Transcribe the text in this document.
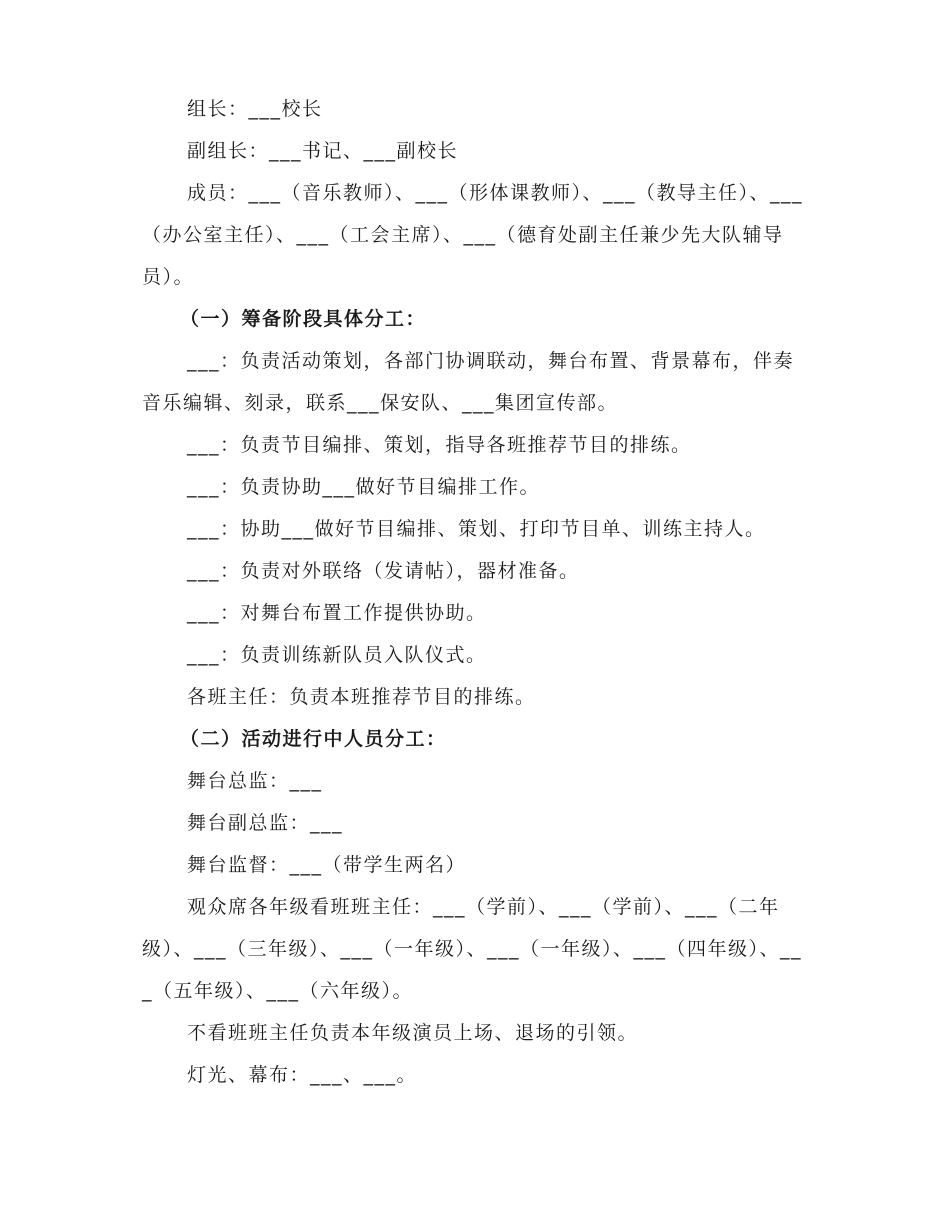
组长：___校长

副组长：___书记、___副校长

成员：___（音乐教师）、___（形体课教师）、___（教导主任）、___（办公室主任）、___（工会主席）、___（德育处副主任兼少先大队辅导员）。

（一）筹备阶段具体分工：

___：负责活动策划，各部门协调联动，舞台布置、背景幕布，伴奏音乐编辑、刻录，联系___保安队、___集团宣传部。

___：负责节目编排、策划，指导各班推荐节目的排练。

___：负责协助___做好节目编排工作。

___：协助___做好节目编排、策划、打印节目单、训练主持人。

___：负责对外联络（发请帖），器材准备。

___：对舞台布置工作提供协助。

___：负责训练新队员入队仪式。

各班主任：负责本班推荐节目的排练。

（二）活动进行中人员分工：

舞台总监：___

舞台副总监：___

舞台监督：___（带学生两名）

观众席各年级看班班主任：___（学前）、___（学前）、___（二年级）、___（三年级）、___（一年级）、___（一年级）、___（四年级）、___（五年级）、___（六年级）。

不看班班主任负责本年级演员上场、退场的引领。

灯光、幕布：___、___。
